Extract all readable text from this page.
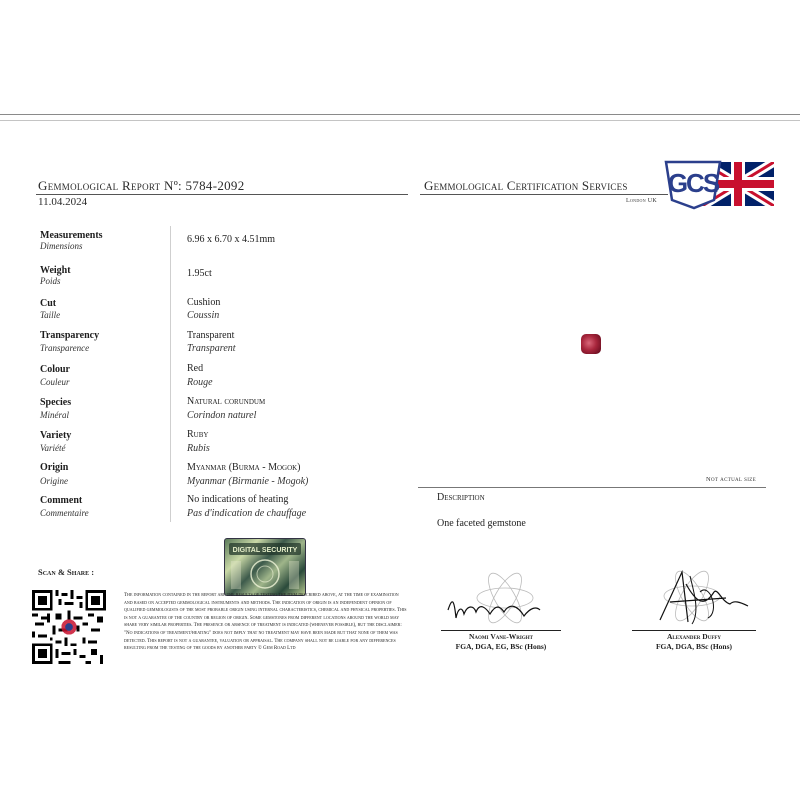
Gemmological Report Nº: 5784-2092
11.04.2024
Gemmological Certification Services
London UK
GCS
Measurements
Dimensions
6.96 x 6.70 x 4.51mm
Weight
Poids
1.95ct
Cut
Taille
Cushion
Coussin
Transparency
Transparence
Transparent
Transparent
Colour
Couleur
Red
Rouge
Species
Minéral
Natural corundum
Corindon naturel
Variety
Variété
Ruby
Rubis
Origin
Origine
Myanmar (Burma - Mogok)
Myanmar (Birmanie - Mogok)
Comment
Commentaire
No indications of heating
Pas d'indication de chauffage
Not actual size
Description
One faceted gemstone
Scan & Share :
DIGITAL SECURITY
The information contained in the report are the results of testing the item described above, at the time of examination and based on accepted gemmological instruments and methods. The indication of origin is an independent opinion of qualified gemmologists of the most probable origin using internal characteristics, chemical and physical properties. This is not a guarantee of the country or region of origin. Some gemstones from different locations around the world may share very similar properties. The presence or absence of treatment is indicated (whenever possible), but the disclaimer: "No indications of treatment/heating" does not imply that no treatment may have been made but that none of them was detected. This report is not a guarantee, valuation or appraisal. The company shall not be liable for any differences resulting from the testing of the goods by another party © Gem Road Ltd
Naomi Vane-Wright
FGA, DGA, EG, BSc (Hons)
Alexander Duffy
FGA, DGA, BSc (Hons)
